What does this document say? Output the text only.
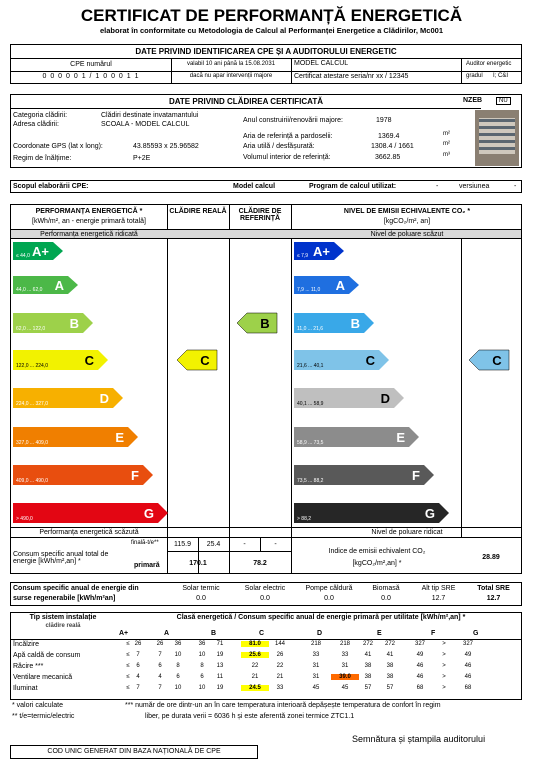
CERTIFICAT DE PERFORMANȚĂ ENERGETICĂ
elaborat în conformitate cu Metodologia de Calcul al Performanței Energetice a Clădirilor, Mc001
DATE PRIVIND IDENTIFICAREA CPE ȘI A AUDITORULUI ENERGETIC
CPE numărul
0 0 0 0 0 1 / 1 0 0 0 1 1
valabil 10 ani până la 15.08.2031
dacă nu apar intervenții majore
MODEL CALCUL	Auditor energetic
Certificat atestare seria/nr xx / 12345	gradul I; C&I
DATE PRIVIND CLĂDIREA CERTIFICATĂ	NZEB	NU
Categoria clădirii:	Clădiri destinate invatamantului
Adresa clădirii:	SCOALA - MODEL CALCUL
Coordonate GPS (lat x long):	43.85593 x 25.96582
Regim de înălțime:	P+2E
Anul construirii/renovării majore:	1978
Aria de referință a pardoselii:	1369.4	m²
Aria utilă / desfășurată:	1308.4 / 1661	m²
Volumul interior de referință:	3662.85	m³
Scopul elaborării CPE:	Model calcul	Program de calcul utilizat:	-	versiunea	-
PERFORMANȚA ENERGETICĂ *
[kWh/m², an - energie primară totală]
CLĂDIRE REALĂ	CLĂDIRE DE REFERINȚĂ
NIVEL DE EMISII ECHIVALENTE CO₂ *
[kgCO₂/m², an]
Performanța energetică ridicată	Nivel de poluare scăzut
Performanța energetică scăzută	Nivel de poluare ridicat
A+
≤ 44,0
A
44,0 ... 62,0
B
62,0 ... 122,0
C
122,0 ... 224,0
D
224,0 ... 327,0
E
327,0 ... 409,0
F
409,0 ... 490,0
G
> 490,0
A+
≤ 7,9
A
7,9 ... 11,0
B
11,0 ... 21,6
C
21,6 ... 40,1
D
40,1 ... 58,9
E
58,9 ... 73,5
F
73,5 ... 88,2
G
> 88,2
C
B
C
Consum specific anual total de energie [kWh/m²,an] *
finală-t/e**
primară
115.9	25.4	-	-
170.1	78.2
Indice de emisii echivalent CO₂
[kgCO₂/m²,an] *
28.89
Consum specific anual de energie din
surse regenerabile [kWh/m²an]
Solar termic
0.0
Solar electric
0.0
Pompe căldură
0.0
Biomasă
0.0
Alt tip SRE
12.7
Total SRE
12.7
Tip sistem instalație
clădire reală
Clasă energetică / Consum specific anual de energie primară per utilitate [kWh/m²,an] *
A+	A	B	C	D	E	F	G
Încălzire	≤ 26	26	36	36	71	81.0	144	218	218	272	272	327	>	327
Apă caldă de consum	≤	7	7	10	10	19	25.6	26	33	33	41	41	49	>	49
Răcire ***	≤	6	6	8	8	13	22	22	31	31	38	38	46	>	46
Ventilare mecanică	≤	4	4	6	6	11	21	21	31	39.0	38	38	46	>	46
Iluminat	≤	7	7	10	10	19	24.5	33	45	45	57	57	68	>	68
* valori calculate
** t/e=termic/electric
*** număr de ore dintr-un an în care temperatura interioară depășește temperatura de confort în regim
liber, pe durata verii = 6036 h și este aferentă zonei termice ZTC1.1
Semnătura și ștampila auditorului
COD UNIC GENERAT DIN BAZA NAȚIONALĂ DE CPE
